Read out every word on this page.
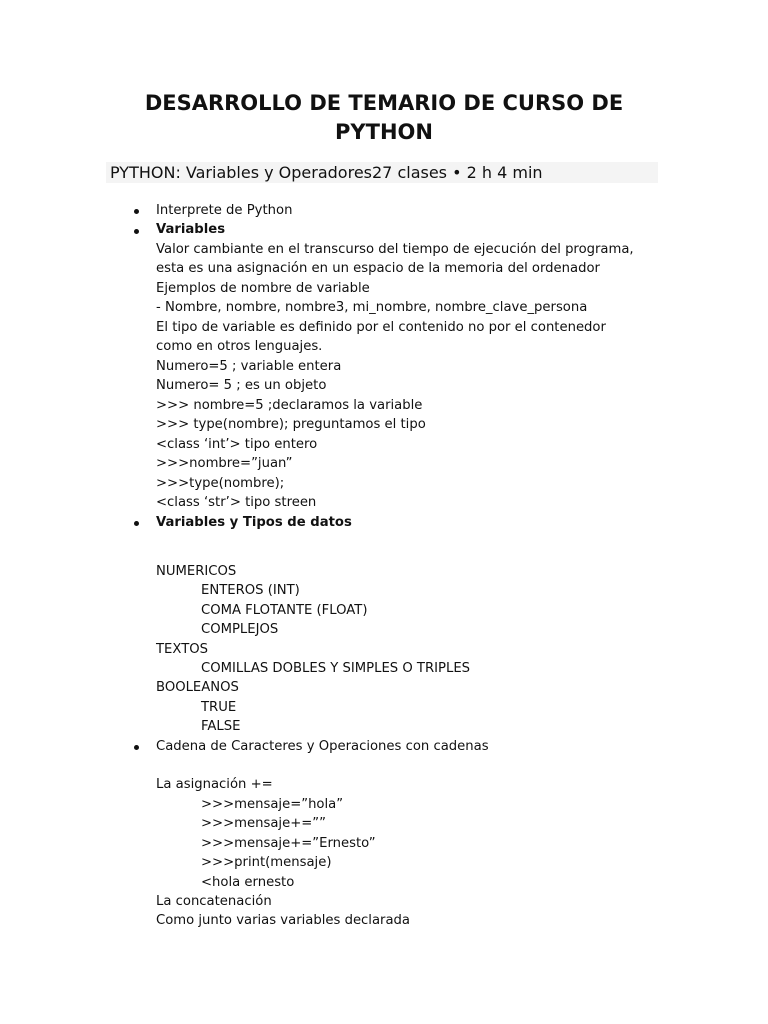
DESARROLLO DE TEMARIO DE CURSO DE
PYTHON
PYTHON: Variables y Operadores27 clases • 2 h 4 min
Interprete de Python
Variables
Valor cambiante en el transcurso del tiempo de ejecución del programa,
esta es una asignación en un espacio de la memoria del ordenador
Ejemplos de nombre de variable
- Nombre, nombre, nombre3, mi_nombre, nombre_clave_persona
El tipo de variable es definido por el contenido no por el contenedor
como en otros lenguajes.
Numero=5 ; variable entera
Numero= 5 ; es un objeto
>>> nombre=5 ;declaramos la variable
>>> type(nombre); preguntamos el tipo
<class ‘int’> tipo entero
>>>nombre=”juan”
>>>type(nombre);
<class ‘str’> tipo streen
Variables y Tipos de datos
NUMERICOS
ENTEROS (INT)
COMA FLOTANTE (FLOAT)
COMPLEJOS
TEXTOS
COMILLAS DOBLES Y SIMPLES O TRIPLES
BOOLEANOS
TRUE
FALSE
Cadena de Caracteres y Operaciones con cadenas
La asignación +=
>>>mensaje=”hola”
>>>mensaje+=””
>>>mensaje+=”Ernesto”
>>>print(mensaje)
<hola ernesto
La concatenación
Como junto varias variables declarada
